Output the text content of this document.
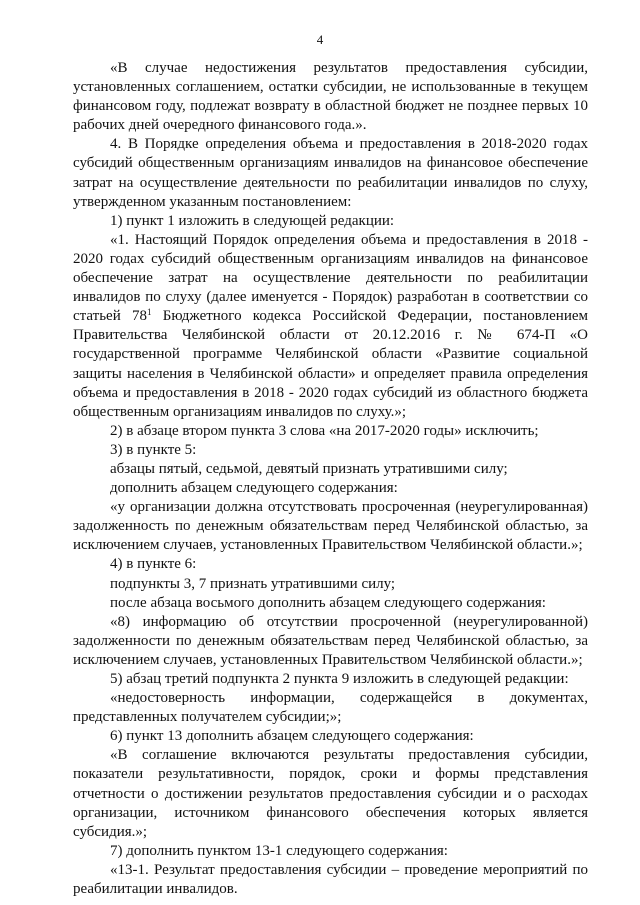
4

«В случае недостижения результатов предоставления субсидии, установленных соглашением, остатки субсидии, не использованные в текущем финансовом году, подлежат возврату в областной бюджет не позднее первых 10 рабочих дней очередного финансового года.».

4. В Порядке определения объема и предоставления в 2018-2020 годах субсидий общественным организациям инвалидов на финансовое обеспечение затрат на осуществление деятельности по реабилитации инвалидов по слуху, утвержденном указанным постановлением:

1) пункт 1 изложить в следующей редакции:

«1. Настоящий Порядок определения объема и предоставления в 2018 - 2020 годах субсидий общественным организациям инвалидов на финансовое обеспечение затрат на осуществление деятельности по реабилитации инвалидов по слуху (далее именуется - Порядок) разработан в соответствии со статьей $78^1$ Бюджетного кодекса Российской Федерации, постановлением Правительства Челябинской области от 20.12.2016 г. № 674-П «О государственной программе Челябинской области «Развитие социальной защиты населения в Челябинской области» и определяет правила определения объема и предоставления в 2018 - 2020 годах субсидий из областного бюджета общественным организациям инвалидов по слуху.»;

2) в абзаце втором пункта 3 слова «на 2017-2020 годы» исключить;

3) в пункте 5:

абзацы пятый, седьмой, девятый признать утратившими силу;

дополнить абзацем следующего содержания:

«у организации должна отсутствовать просроченная (неурегулированная) задолженность по денежным обязательствам перед Челябинской областью, за исключением случаев, установленных Правительством Челябинской области.»;

4) в пункте 6:

подпункты 3, 7 признать утратившими силу;

после абзаца восьмого дополнить абзацем следующего содержания:

«8) информацию об отсутствии просроченной (неурегулированной) задолженности по денежным обязательствам перед Челябинской областью, за исключением случаев, установленных Правительством Челябинской области.»;

5) абзац третий подпункта 2 пункта 9 изложить в следующей редакции:

«недостоверность информации, содержащейся в документах, представленных получателем субсидии;»;

6) пункт 13 дополнить абзацем следующего содержания:

«В соглашение включаются результаты предоставления субсидии, показатели результативности, порядок, сроки и формы представления отчетности о достижении результатов предоставления субсидии и о расходах организации, источником финансового обеспечения которых является субсидия.»;

7) дополнить пунктом 13-1 следующего содержания:

«13-1. Результат предоставления субсидии – проведение мероприятий по реабилитации инвалидов.
